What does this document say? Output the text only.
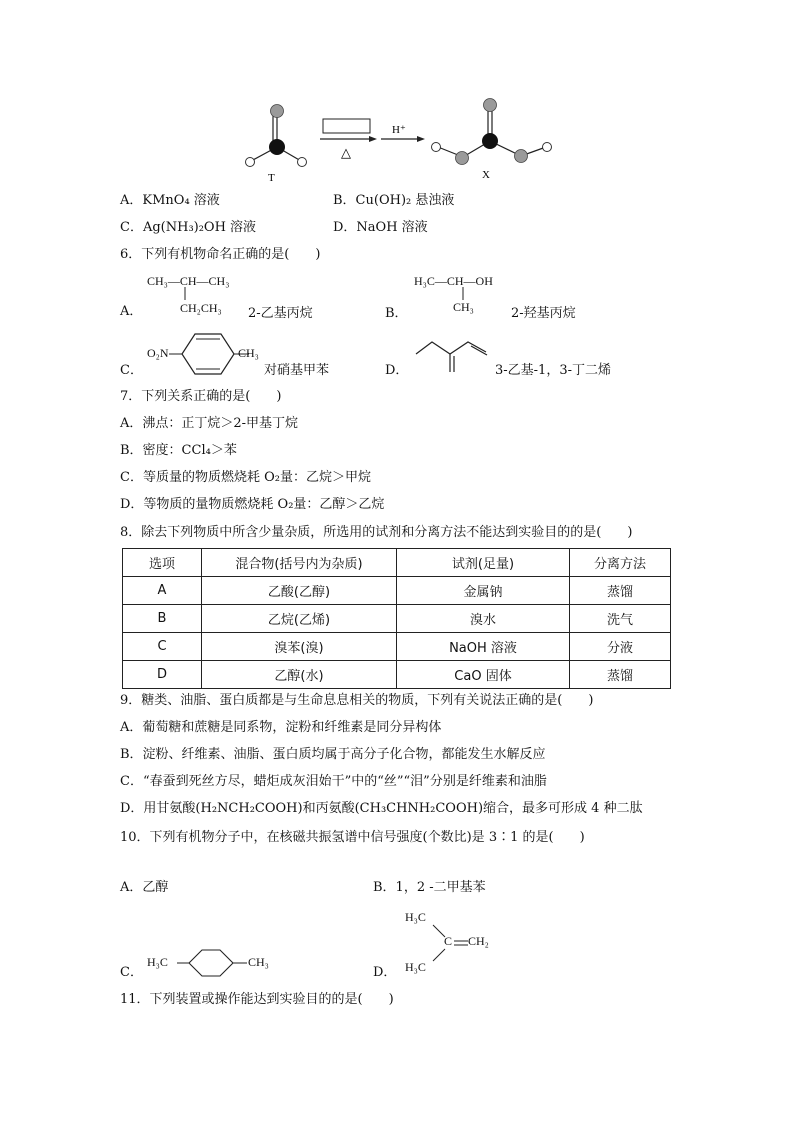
T
△
H⁺
X
A．KMnO₄ 溶液	B．Cu(OH)₂ 悬浊液
C．Ag(NH₃)₂OH 溶液	D．NaOH 溶液
6．下列有机物命名正确的是(　　)
A．
CH₃—CH—CH₃
CH₂CH₃ 2-乙基丙烷	B．
H₃C—CH—OH
CH₃	2-羟基丙烷
C．
O₂N	CH₃
对硝基甲苯	D．	3-乙基-1，3-丁二烯
7．下列关系正确的是(　　)
A．沸点：正丁烷＞2-甲基丁烷
B．密度：CCl₄＞苯
C．等质量的物质燃烧耗 O₂量：乙烷＞甲烷
D．等物质的量物质燃烧耗 O₂量：乙醇＞乙烷
8．除去下列物质中所含少量杂质，所选用的试剂和分离方法不能达到实验目的的是(　　)
选项	混合物(括号内为杂质)	试剂(足量)	分离方法
A	乙酸(乙醇)	金属钠	蒸馏
B	乙烷(乙烯)	溴水	洗气
C	溴苯(溴)	NaOH 溶液	分液
D	乙醇(水)	CaO 固体	蒸馏
9．糖类、油脂、蛋白质都是与生命息息相关的物质，下列有关说法正确的是(　　)
A．葡萄糖和蔗糖是同系物，淀粉和纤维素是同分异构体
B．淀粉、纤维素、油脂、蛋白质均属于高分子化合物，都能发生水解反应
C．“春蚕到死丝方尽，蜡炬成灰泪始干”中的“丝”“泪”分别是纤维素和油脂
D．用甘氨酸(H₂NCH₂COOH)和丙氨酸(CH₃CHNH₂COOH)缩合，最多可形成 4 种二肽
10．下列有机物分子中，在核磁共振氢谱中信号强度(个数比)是 3∶1 的是(　　)
A．乙醇	B．1，2 -二甲基苯
C．
H₃C	CH₃
D．
H₃C
C CH₂
H₃C
11．下列装置或操作能达到实验目的的是(　　)
